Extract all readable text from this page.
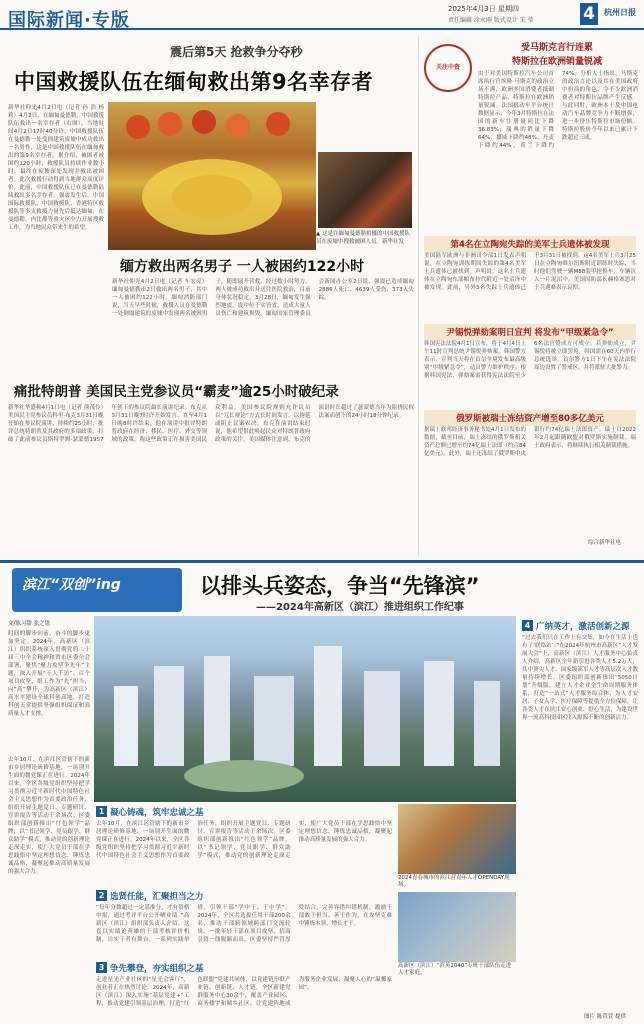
国际新闻·专版
2025年4月3日 星期四
责任编辑 涂永刚 版式设计 宋 莹	4	杭州日报
震后第5天 抢救争分夺秒
中国救援队伍在缅甸救出第9名幸存者
新华社仰光4月2日电（记者 孙 浩 杨 莉）4月2日，在缅甸曼德勒，中国救援队伍救出一名幸存者（右图）。当地时间4月2日17时40分许，中国救援队伍在曼德勒一处受损建筑废墟中成功救出一名男性，这是中国救援队伍在缅甸救出的第9名幸存者。据介绍，被困者被困约120小时，救援队员持续作业数小时，最终在废墟深处发现并救出被困者。此次救援行动得到当地群众高度评价。此前，中国救援队伍已在曼德勒陆续救出多名幸存者。强震发生后，中国国际救援队、中国救援队、香港特区救援队等多支救援力量先后抵达缅甸，在曼德勒、内比都等重灾区全力开展搜救工作，为当地民众带来生的希望。
▲ 这是在缅甸曼德勒拍摄的中国救援队员在废墟中搜救被困人员。新华社发
缅方救出两名男子 一人被困约122小时
新华社仰光4月2日电（记者 车宏亮）缅甸曼德勒市2日救出两名男子，其中一人被困约122小时。缅甸消防部门说，当天早些时候，救援人员在曼德勒一处倒塌建筑的废墟中发现两名被困男子，随即展开营救。经过数小时努力，两人被成功救出并送往医院救治，目前身体状况稳定。3月28日，缅甸发生强烈地震，震中位于实皆省，造成大量人员伤亡和建筑损毁。缅甸国家管理委员会新闻办公室2日说，强震已造成缅甸2886人死亡、4639人受伤、373人失踪。
痛批特朗普 美国民主党参议员“霸麦”逾25小时破纪录
新华社华盛顿4月1日电（记者 熊茂伶）美国民主党参议员科里·布克3月31日晚开始在参议院演讲，持续约25小时，批评总统特朗普及其政府的多项政策，打破了此前参议员斯特罗姆·瑟蒙德1957年创下的参议院最长演讲纪录。布克从3月31日晚7时许开始发言，直至4月1日晚8时许结束。他在演讲中批评特朗普政府在经济、移民、医疗、外交等领域的政策，称这些政策正在损害美国民众利益。美国参议院规则允许议员以“冗长辩论”方式长时间发言，以拖延或阻止议案表决。布克在演讲结束时说，他希望借此唤起民众对特朗普政府政策的关注。美国媒体注意到，布克的演讲时长超过了瑟蒙德当年为阻挠民权法案而创下的24小时18分钟纪录。
关注中资
受马斯克言行连累
特斯拉在欧洲销量锐减
由于对美国特斯拉汽车公司首席执行官埃隆·马斯克的政治立场不满，欧洲多国消费者抵制特斯拉产品，特斯拉在欧洲销量锐减。法国机动车平台统计数据显示，今年3月特斯拉在法国的新车注册量同比下降36.83%；瑞典的销量下降64%，挪威下降约48%，丹麦下降约44%，荷兰下降约74%。分析人士指出，马斯克的政治言论以及其在美国政府中扮演的角色，令不少欧洲消费者对特斯拉品牌产生反感。与此同时，欧洲本土及中国电动汽车品牌竞争力不断增强，进一步挤压特斯拉市场份额。特斯拉股价今年以来已累计下跌超过三成。
第4名在立陶宛失踪的美军士兵遗体被发现
美国陆军欧洲与非洲司令部1日发表声明说，在立陶宛训练期间失踪的第4名美军士兵遗体已被找到。声明说，这名士兵遗体在立陶宛东部帕布拉代附近一处沼泽中被发现。此前，另外3名失踪士兵遗体已于3月31日被找到。这4名美军士兵3月25日在立陶宛维尔纽斯附近训练时失踪，当时他们驾驶一辆M88装甲抢修车，车辆沉入一片泥沼中。美国国防部长赫格塞思对士兵遇难表示哀悼。
尹锡悦弹劾案明日宣判 将发布“甲级紧急令”
韩国宪法法院4月1日宣布，将于4月4日上午11时宣判总统尹锡悦弹劾案。韩国警方表示，宣判当天将在首尔全境发布最高级别“甲级紧急令”，动员警力维护秩序。根据韩国宪法，弹劾案需获得宪法法院至少6名法官赞成方可成立。若弹劾成立，尹锡悦将被立即罢免，韩国需在60天内举行总统选举。首尔警方1日下午在宪法法院周边设置了警戒区，并将派驻大批警力。
俄罗斯被瑞士冻结资产增至80多亿美元
据瑞士联邦经济事务秘书处4月1日发布的数据，截至目前，瑞士冻结的俄罗斯相关资产总额已增至约74亿瑞士法郎（约合84亿美元）。此外，瑞士还冻结了俄罗斯中央银行约74亿瑞士法郎资产。瑞士自2022年2月起跟随欧盟对俄罗斯实施制裁。瑞士政府表示，将继续执行相关制裁措施。
综合新华社电
滨江“双创”ing	以排头兵姿态，争当“先锋滨”
——2024年高新区（滨江）推进组织工作纪事
文/陈习甜 张之恩
时间的脚步向前，奋斗的脚步更加坚定。2024年，高新区（滨江）组织系统深入贯彻党的二十届三中全会精神和省市区委全会部署，聚焦“聚力攻坚争先年”主题，深入开展“千人千访”、百个项目攻坚、组工作为“先”担当，向“高”攀升，为高新区（滨江）高水平建设全球科创高地、打造科创天堂提供坚强组织保证和高质量人才支撑。
1 凝心铸魂，筑牢忠诚之基
去年10月，在滨江区管辖下的新市乡居理论研修基地，一场别开生面的微党课正在进行。2024年以来，全区各级党组织坚持把学习贯彻习近平新时代中国特色社会主义思想作为首要政治任务，组织开展主题党日、专题研讨、宣讲报告等活动千余场次。区委组织部创新推出“红色领学”品牌，以“书记领学、党员跟学、群众助学”模式，推动党的创新理论走深走实，使广大党员干部在学思践悟中坚定理想信念、锤炼忠诚品格，凝聚起推动高质量发展的强大合力。
2 选贤任能，汇聚担当之力
“每年分数超过一定基准分，才有资格申报，通过考评平台公开晒业绩。”高新区（滨江）组织部负责人介绍，这套以实绩论英雄的干部考核评价机制，让实干者有舞台。一系列实践举措，引领干部“学中干、干中学”。2024年，全区共选拔任用干部200余名，推动干部跨领域跨部门交流轮岗，一批年轻干部在项目攻坚、招商引资一线脱颖而出。区委坚持严管厚爱结合，完善容错纠错机制，激励干部敢于担当、善于作为，在攻坚克难中锤炼本领、增长才干。
3 争先攀登，夯实组织之基
走进星光产业社区的“星光会客厅”，创业者正在热烈讨论。2024年，高新区（滨江）深入实施“基层党建+”工程，推动党建引领基层治理，打造“红色联盟”党建共同体，以党建链串联产业链、创新链、人才链。全区新建党群服务中心30余个，覆盖产业园区、商务楼宇和城乡社区，让党建阵地成为服务企业发展、凝聚人心的“温馨家园”。
去年10月，在滨江区管辖下的新市乡居理论研修基地，一场别开生面的微党课正在进行。2024年以来，全区各级党组织坚持把学习贯彻习近平新时代中国特色社会主义思想作为首要政治任务，组织开展主题党日、专题研讨、宣讲报告等活动千余场次。区委组织部创新推出“红色领学”品牌，以“书记领学、党员跟学、群众助学”模式，推动党的创新理论走深走实，使广大党员干部在学思践悟中坚定理想信念、锤炼忠诚品格，凝聚起推动高质量发展的强大合力。
2024青春城市的滨江营青年人才OPENDAY现场。
高新区（滨江）“滨英2040”专班干部队伍走进人才家庭。
4 广纳英才，激活创新之源
“过去我们只在工作上有交集，如今在生活上也有了‘联络站’。”在2024年杭州市高新区“人才发展大会”上，高新区（滨江）人才服务中心负责人介绍，高新区全年新引进各类人才5.2万人，其中顶尖人才、国家级领军人才等高层次人才数量持续增长。区委组织部创新推出“5050计划”升级版，建立人才企业全生命周期服务体系，打造“一站式”人才服务综合体，为人才安居、子女入学、医疗保障等提供全方位保障，让各类人才在滨江安心创业、舒心生活，为建设世界一流高科技园区注入源源不断的创新活力。
图片 陈萱萱 提供
